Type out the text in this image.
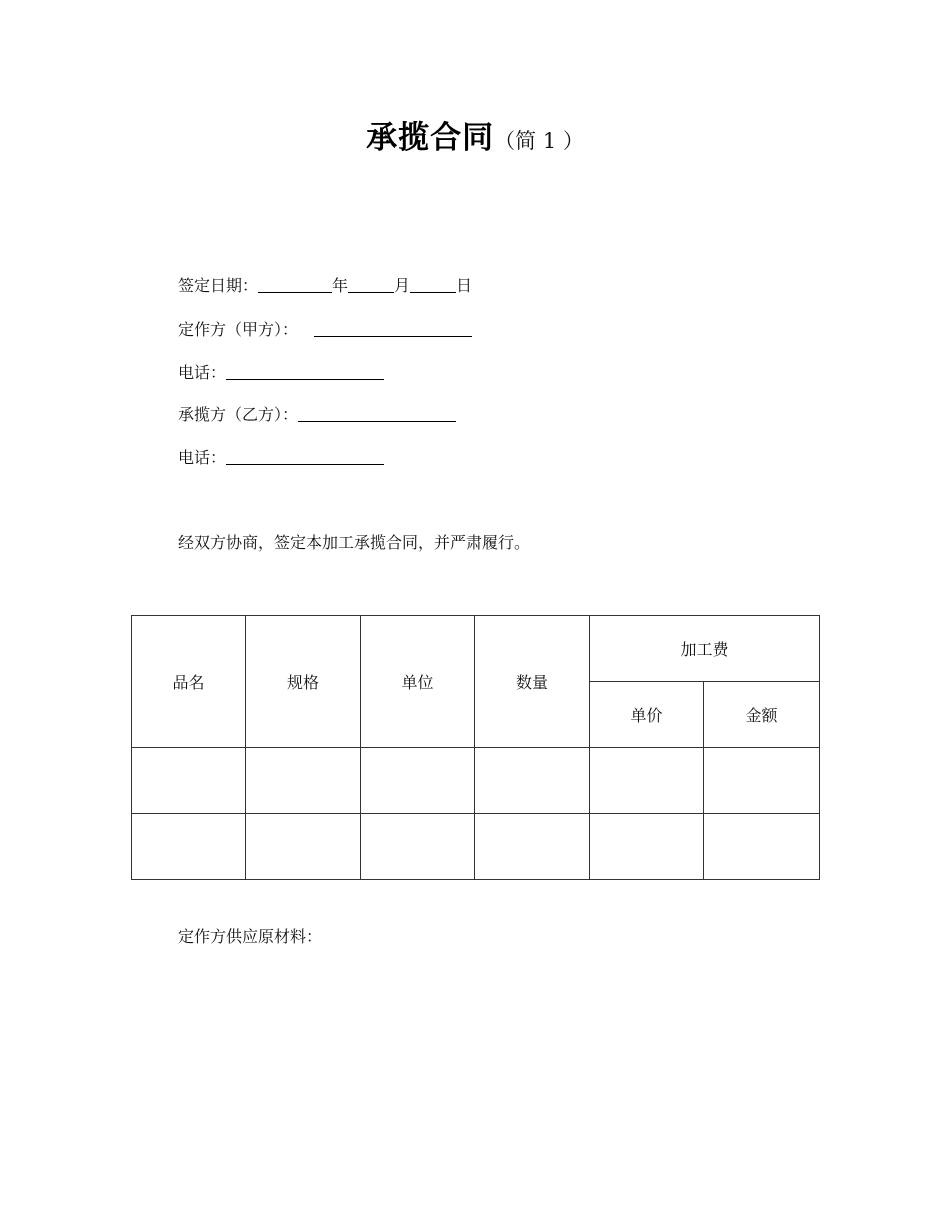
承揽合同（简 1 ）
签定日期：	年	月	日
定作方（甲方）：
电话：
承揽方（乙方）：
电话：
经双方协商，签定本加工承揽合同，并严肃履行。
品名	规格	单位	数量	加工费	
				单价	金额

定作方供应原材料：
